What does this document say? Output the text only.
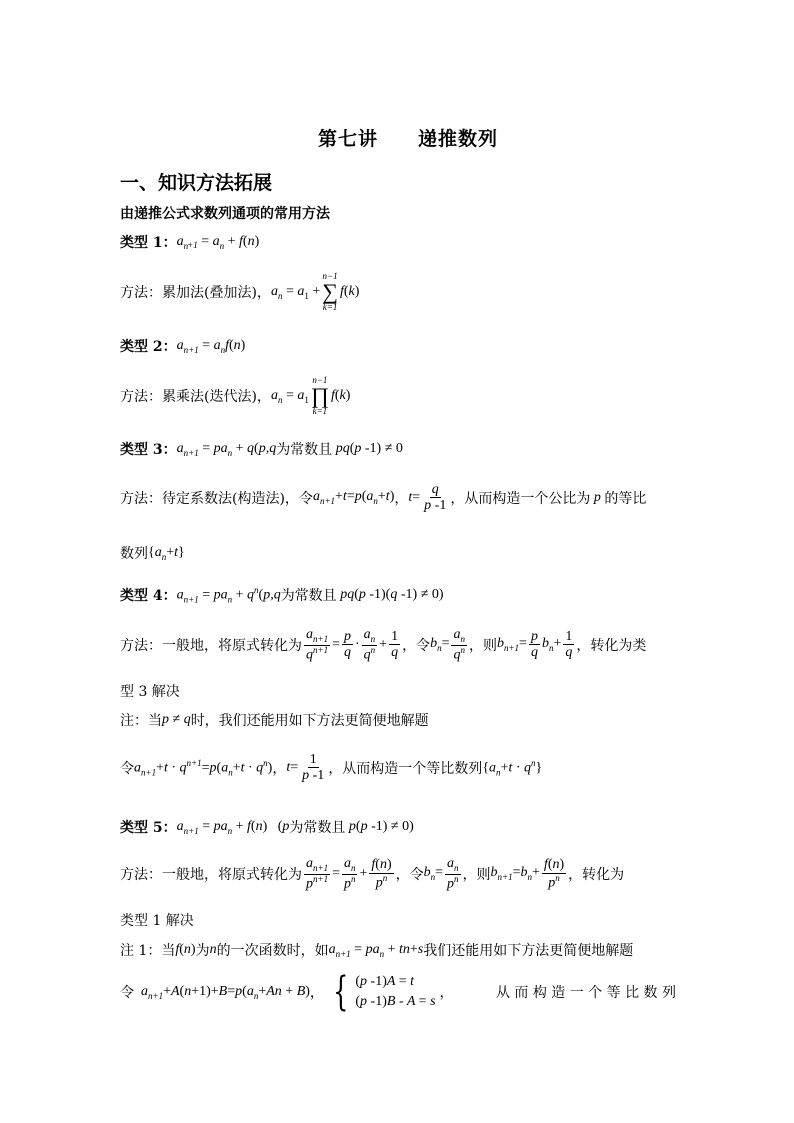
第七讲　　递推数列
一、知识方法拓展
由递推公式求数列通项的常用方法
类型 1： $a_{n+1} = a_n + f(n)$
方法： 累加法(叠加法)， $a_n = a_1$ +
n−1
∑
k=1
f(k)
类型 2： $a_{n+1} = a_nf(n)$
方法： 累乘法(迭代法)， $a_n = a_1$
n−1
∏
k=1
f(k)
类型 3： $a_{n+1} = pa_n + q(p,q$ 为常数且 pq(p -1) ≠ 0
方法： 待定系数法(构造法)，令 $a_{n+1}+t=p(a_n+t)$ ， $t= \frac{q}{p -1}$ ，从而构造一个公比为 p 的等比
数列 $\{a_n+t\}$
类型 4： $a_{n+1} = pa_n + q^n(p,q$ 为常数且 pq(p -1)(q -1) ≠ 0)
方法： 一般地，将原式转化为 $\frac{a_{n+1}}{q^{n+1}} = \frac{p}{q} \cdot \frac{a_n}{q^n} + \frac{1}{q}$ ，令 $b_n= \frac{a_n}{q^n}$ ，则 $b_{n+1}= \frac{p}{q} b_n+ \frac{1}{q}$ ，转化为类
型 3 解决
注：当 p ≠ q 时，我们还能用如下方法更简便地解题
令 $a_{n+1}+t \cdot q^{n+1}=p(a_n+t \cdot q^n)$ ， $t= \frac{1}{p -1}$ ，从而构造一个等比数列 $\{a_n+t \cdot q^n\}$
类型 5： $a_{n+1} = pa_n + f(n)$ (p 为常数且 p(p -1) ≠ 0)
方法： 一般地，将原式转化为 $\frac{a_{n+1}}{p^{n+1}} = \frac{a_n}{p^n} + \frac{f(n)}{p^n}$ ，令 $b_n= \frac{a_n}{p^n}$ ，则 $b_{n+1}=b_n+ \frac{f(n)}{p^n}$ ，转化为
类型 1 解决
注 1：当 f(n) 为 n 的一次函数时，如 $a_{n+1} = pa_n + tn+s$ 我们还能用如下方法更简便地解题
令 $a_{n+1}+A(n+1)+B=p(a_n+An + B)$ ， { (p -1)A = t
(p -1)B - A = s
，	从 而 构 造 一 个 等 比 数 列
